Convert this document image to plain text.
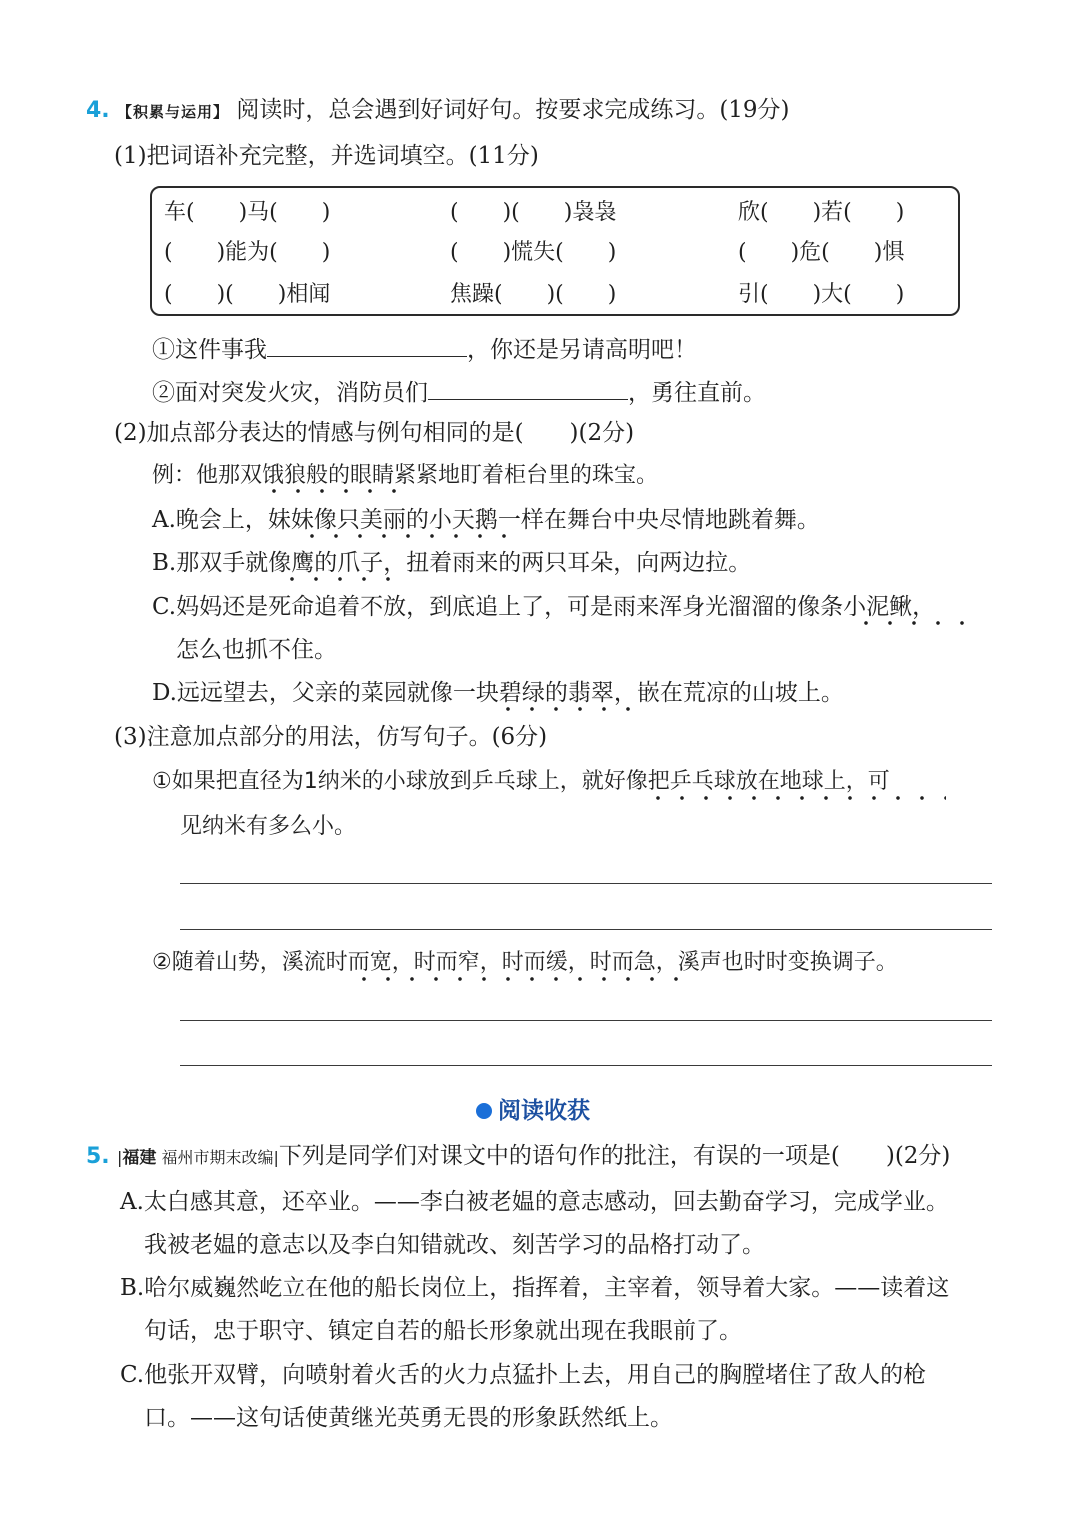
4. 【积累与运用】 阅读时，总会遇到好词好句。按要求完成练习。(19分)
(1)把词语补充完整，并选词填空。(11分)
车(　　)马(　　)	(　　)(　　)袅袅	欣(　　)若(　　)
(　　)能为(　　)	(　　)慌失(　　)	(　　)危(　　)惧
(　　)(　　)相闻	焦躁(　　)(　　)	引(　　)大(　　)
①这件事我	，你还是另请高明吧！
②面对突发火灾，消防员们	，勇往直前。
(2)加点部分表达的情感与例句相同的是(　　)(2分)
例：他那双饿狼般的眼睛紧紧地盯着柜台里的珠宝。
A.晚会上，妹妹像只美丽的小天鹅一样在舞台中央尽情地跳着舞。
B.那双手就像鹰的爪子，扭着雨来的两只耳朵，向两边拉。
C.妈妈还是死命追着不放，到底追上了，可是雨来浑身光溜溜的像条小泥鳅，
怎么也抓不住。
D.远远望去，父亲的菜园就像一块碧绿的翡翠，嵌在荒凉的山坡上。
(3)注意加点部分的用法，仿写句子。(6分)
①如果把直径为1纳米的小球放到乒乓球上，就好像把乒乓球放在地球上，可
见纳米有多么小。
②随着山势，溪流时而宽，时而窄，时而缓，时而急，溪声也时时变换调子。
阅读收获
5. |福建 福州市期末改编|下列是同学们对课文中的语句作的批注，有误的一项是(　　)(2分)
A.太白感其意，还卒业。——李白被老媪的意志感动，回去勤奋学习，完成学业。
我被老媪的意志以及李白知错就改、刻苦学习的品格打动了。
B.哈尔威巍然屹立在他的船长岗位上，指挥着，主宰着，领导着大家。——读着这
句话，忠于职守、镇定自若的船长形象就出现在我眼前了。
C.他张开双臂，向喷射着火舌的火力点猛扑上去，用自己的胸膛堵住了敌人的枪
口。——这句话使黄继光英勇无畏的形象跃然纸上。
